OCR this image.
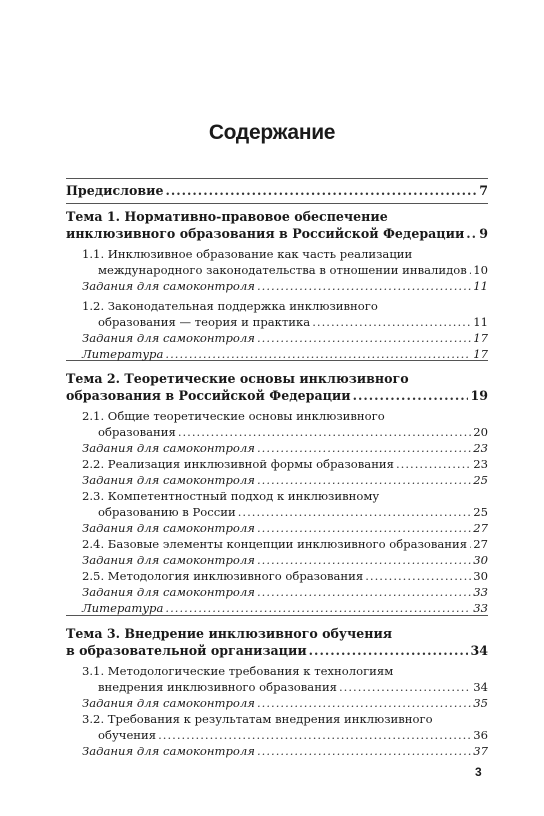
Содержание
Предисловие .....	7
Тема 1. Нормативно-правовое обеспечение
инклюзивного образования в Российской Федерации ..... 9
1.1. Инклюзивное образование как часть реализации
международного законодательства в отношении инвалидов ..... 10
Задания для самоконтроля .....	11
1.2. Законодательная поддержка инклюзивного
образования — теория и практика .....	11
Задания для самоконтроля .....	17
Литература .....	17
Тема 2. Теоретические основы инклюзивного
образования в Российской Федерации .....	19
2.1. Общие теоретические основы инклюзивного
образования .....	20
Задания для самоконтроля .....	23
2.2. Реализация инклюзивной формы образования .....	23
Задания для самоконтроля .....	25
2.3. Компетентностный подход к инклюзивному
образованию в России .....	25
Задания для самоконтроля .....	27
2.4. Базовые элементы концепции инклюзивного образования ..... 27
Задания для самоконтроля .....	30
2.5. Методология инклюзивного образования .....	30
Задания для самоконтроля .....	33
Литература .....	33
Тема 3. Внедрение инклюзивного обучения
в образовательной организации .....	34
3.1. Методологические требования к технологиям
внедрения инклюзивного образования .....	34
Задания для самоконтроля .....	35
3.2. Требования к результатам внедрения инклюзивного
обучения .....	36
Задания для самоконтроля .....	37
3
